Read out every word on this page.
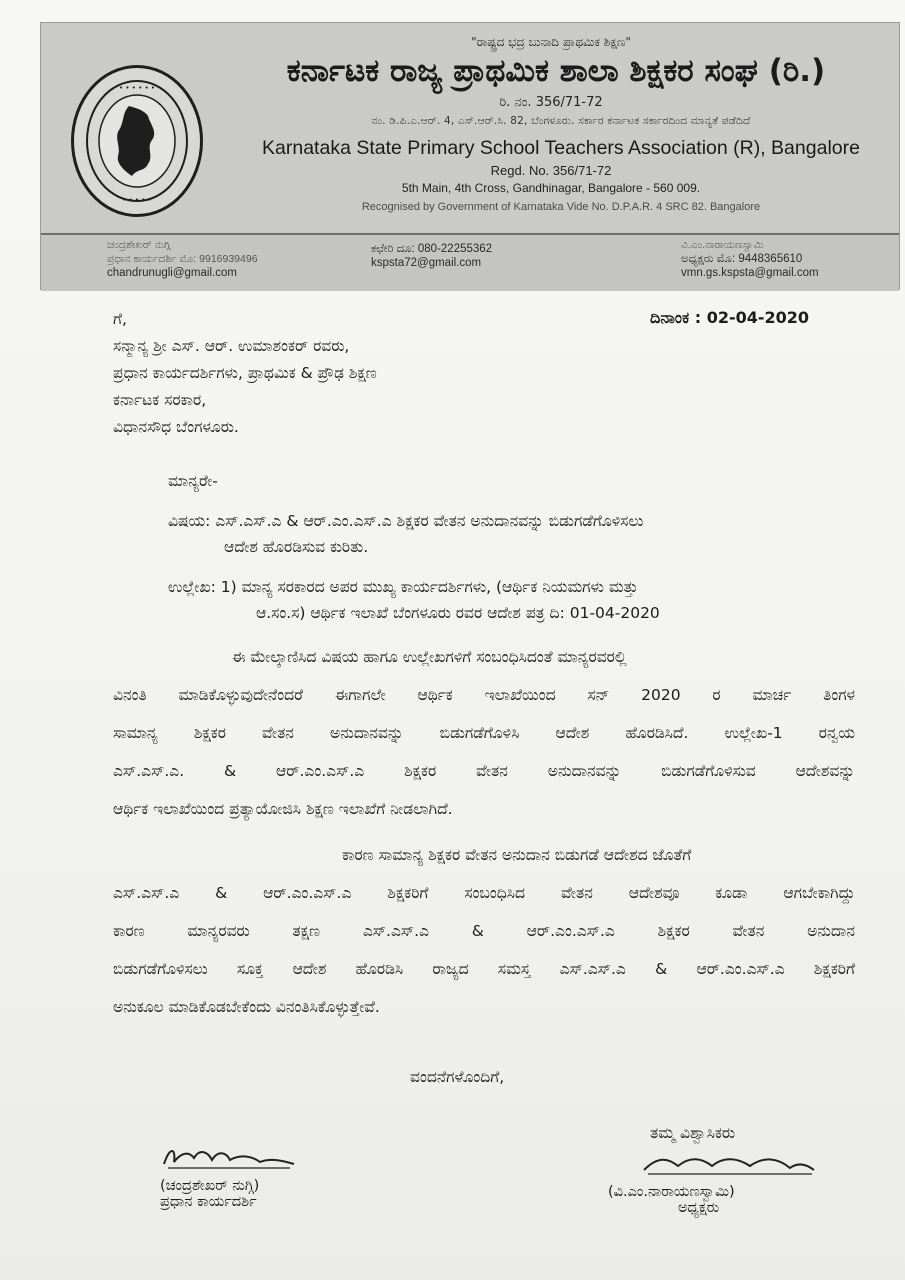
• • • • • •
• • • • •
"ರಾಷ್ಟ್ರದ ಭದ್ರ ಬುನಾದಿ ಪ್ರಾಥಮಿಕ ಶಿಕ್ಷಣ"
ಕರ್ನಾಟಕ ರಾಜ್ಯ ಪ್ರಾಥಮಿಕ ಶಾಲಾ ಶಿಕ್ಷಕರ ಸಂಘ (ರಿ.)
ರಿ. ನಂ. 356/71-72
ನಂ. ಡಿ.ಪಿ.ಎ.ಆರ್. 4, ಎಸ್.ಆರ್.ಸಿ. 82, ಬೆಂಗಳೂರು. ಸರ್ಕಾರ ಕರ್ನಾಟಕ ಸರ್ಕಾರದಿಂದ ಮಾನ್ಯತೆ ಪಡೆದಿದೆ
Karnataka State Primary School Teachers Association (R), Bangalore
Regd. No. 356/71-72
5th Main, 4th Cross, Gandhinagar, Bangalore - 560 009.
Recognised by Government of Karnataka Vide No. D.P.A.R. 4 SRC 82. Bangalore
ಚಂದ್ರಶೇಖರ್ ನುಗ್ಗಿ
ಪ್ರಧಾನ ಕಾರ್ಯದರ್ಶಿ ಮೊ: 9916939496
chandrunugli@gmail.com
ಕಛೇರಿ ದೂ: 080-22255362
kspsta72@gmail.com
ವಿ.ಎಂ.ನಾರಾಯಣಸ್ವಾಮಿ
ಅಧ್ಯಕ್ಷರು ಮೊ: 9448365610
vmn.gs.kspsta@gmail.com
ದಿನಾಂಕ : 02-04-2020
ಗೆ,
ಸನ್ಮಾನ್ಯ ಶ್ರೀ ಎಸ್. ಆರ್. ಉಮಾಶಂಕರ್ ರವರು,
ಪ್ರಧಾನ ಕಾರ್ಯದರ್ಶಿಗಳು, ಪ್ರಾಥಮಿಕ & ಪ್ರೌಢ ಶಿಕ್ಷಣ
ಕರ್ನಾಟಕ ಸರಕಾರ,
ವಿಧಾನಸೌಧ ಬೆಂಗಳೂರು.
ಮಾನ್ಯರೇ-
ವಿಷಯ: ಎಸ್.ಎಸ್.ಎ & ಆರ್.ಎಂ.ಎಸ್.ಎ ಶಿಕ್ಷಕರ ವೇತನ ಅನುದಾನವನ್ನು ಬಿಡುಗಡೆಗೊಳಿಸಲು
ಆದೇಶ ಹೊರಡಿಸುವ ಕುರಿತು.
ಉಲ್ಲೇಖ: 1) ಮಾನ್ಯ ಸರಕಾರದ ಅಪರ ಮುಖ್ಯ ಕಾರ್ಯದರ್ಶಿಗಳು, (ಆರ್ಥಿಕ ನಿಯಮಗಳು ಮತ್ತು
ಆ.ಸಂ.ಸ) ಆರ್ಥಿಕ ಇಲಾಖೆ ಬೆಂಗಳೂರು ರವರ ಆದೇಶ ಪತ್ರ ದಿ: 01-04-2020
ಈ ಮೇಲ್ಕಾಣಿಸಿದ ವಿಷಯ ಹಾಗೂ ಉಲ್ಲೇಖಗಳಿಗೆ ಸಂಬಂಧಿಸಿದಂತೆ ಮಾನ್ಯರವರಲ್ಲಿ
ವಿನಂತಿ ಮಾಡಿಕೊಳ್ಳುವುದೇನೆಂದರೆ ಈಗಾಗಲೇ ಆರ್ಥಿಕ ಇಲಾಖೆಯಿಂದ ಸನ್ 2020 ರ ಮಾರ್ಚ ತಿಂಗಳ
ಸಾಮಾನ್ಯ ಶಿಕ್ಷಕರ ವೇತನ ಅನುದಾನವನ್ನು ಬಿಡುಗಡೆಗೊಳಿಸಿ ಆದೇಶ ಹೊರಡಿಸಿದೆ. ಉಲ್ಲೇಖ-1 ರನ್ವಯ
ಎಸ್.ಎಸ್.ಎ. & ಆರ್.ಎಂ.ಎಸ್.ಎ ಶಿಕ್ಷಕರ ವೇತನ ಅನುದಾನವನ್ನು ಬಿಡುಗಡೆಗೊಳಿಸುವ ಆದೇಶವನ್ನು
ಆರ್ಥಿಕ ಇಲಾಖೆಯಿಂದ ಪ್ರತ್ಯಾಯೋಜಿಸಿ ಶಿಕ್ಷಣ ಇಲಾಖೆಗೆ ನೀಡಲಾಗಿದೆ.
ಕಾರಣ ಸಾಮಾನ್ಯ ಶಿಕ್ಷಕರ ವೇತನ ಅನುದಾನ ಬಿಡುಗಡೆ ಆದೇಶದ ಜೊತೆಗೆ
ಎಸ್.ಎಸ್.ಎ & ಆರ್.ಎಂ.ಎಸ್.ಎ ಶಿಕ್ಷಕರಿಗೆ ಸಂಬಂಧಿಸಿದ ವೇತನ ಆದೇಶವೂ ಕೂಡಾ ಆಗಬೇಕಾಗಿದ್ದು
ಕಾರಣ ಮಾನ್ಯರವರು ತಕ್ಷಣ ಎಸ್.ಎಸ್.ಎ & ಆರ್.ಎಂ.ಎಸ್.ಎ ಶಿಕ್ಷಕರ ವೇತನ ಅನುದಾನ
ಬಿಡುಗಡೆಗೊಳಿಸಲು ಸೂಕ್ತ ಆದೇಶ ಹೊರಡಿಸಿ ರಾಜ್ಯದ ಸಮಸ್ತ ಎಸ್.ಎಸ್.ಎ & ಆರ್.ಎಂ.ಎಸ್.ಎ ಶಿಕ್ಷಕರಿಗೆ
ಅನುಕೂಲ ಮಾಡಿಕೊಡಬೇಕೆಂದು ವಿನಂತಿಸಿಕೊಳ್ಳುತ್ತೇವೆ.
ವಂದನೆಗಳೊಂದಿಗೆ,
ತಮ್ಮ ವಿಶ್ವಾಸಿಕರು
(ಚಂದ್ರಶೇಖರ್ ನುಗ್ಗಿ)
ಪ್ರಧಾನ ಕಾರ್ಯದರ್ಶಿ
(ವಿ.ಎಂ.ನಾರಾಯಣಸ್ವಾಮಿ)
ಅಧ್ಯಕ್ಷರು
